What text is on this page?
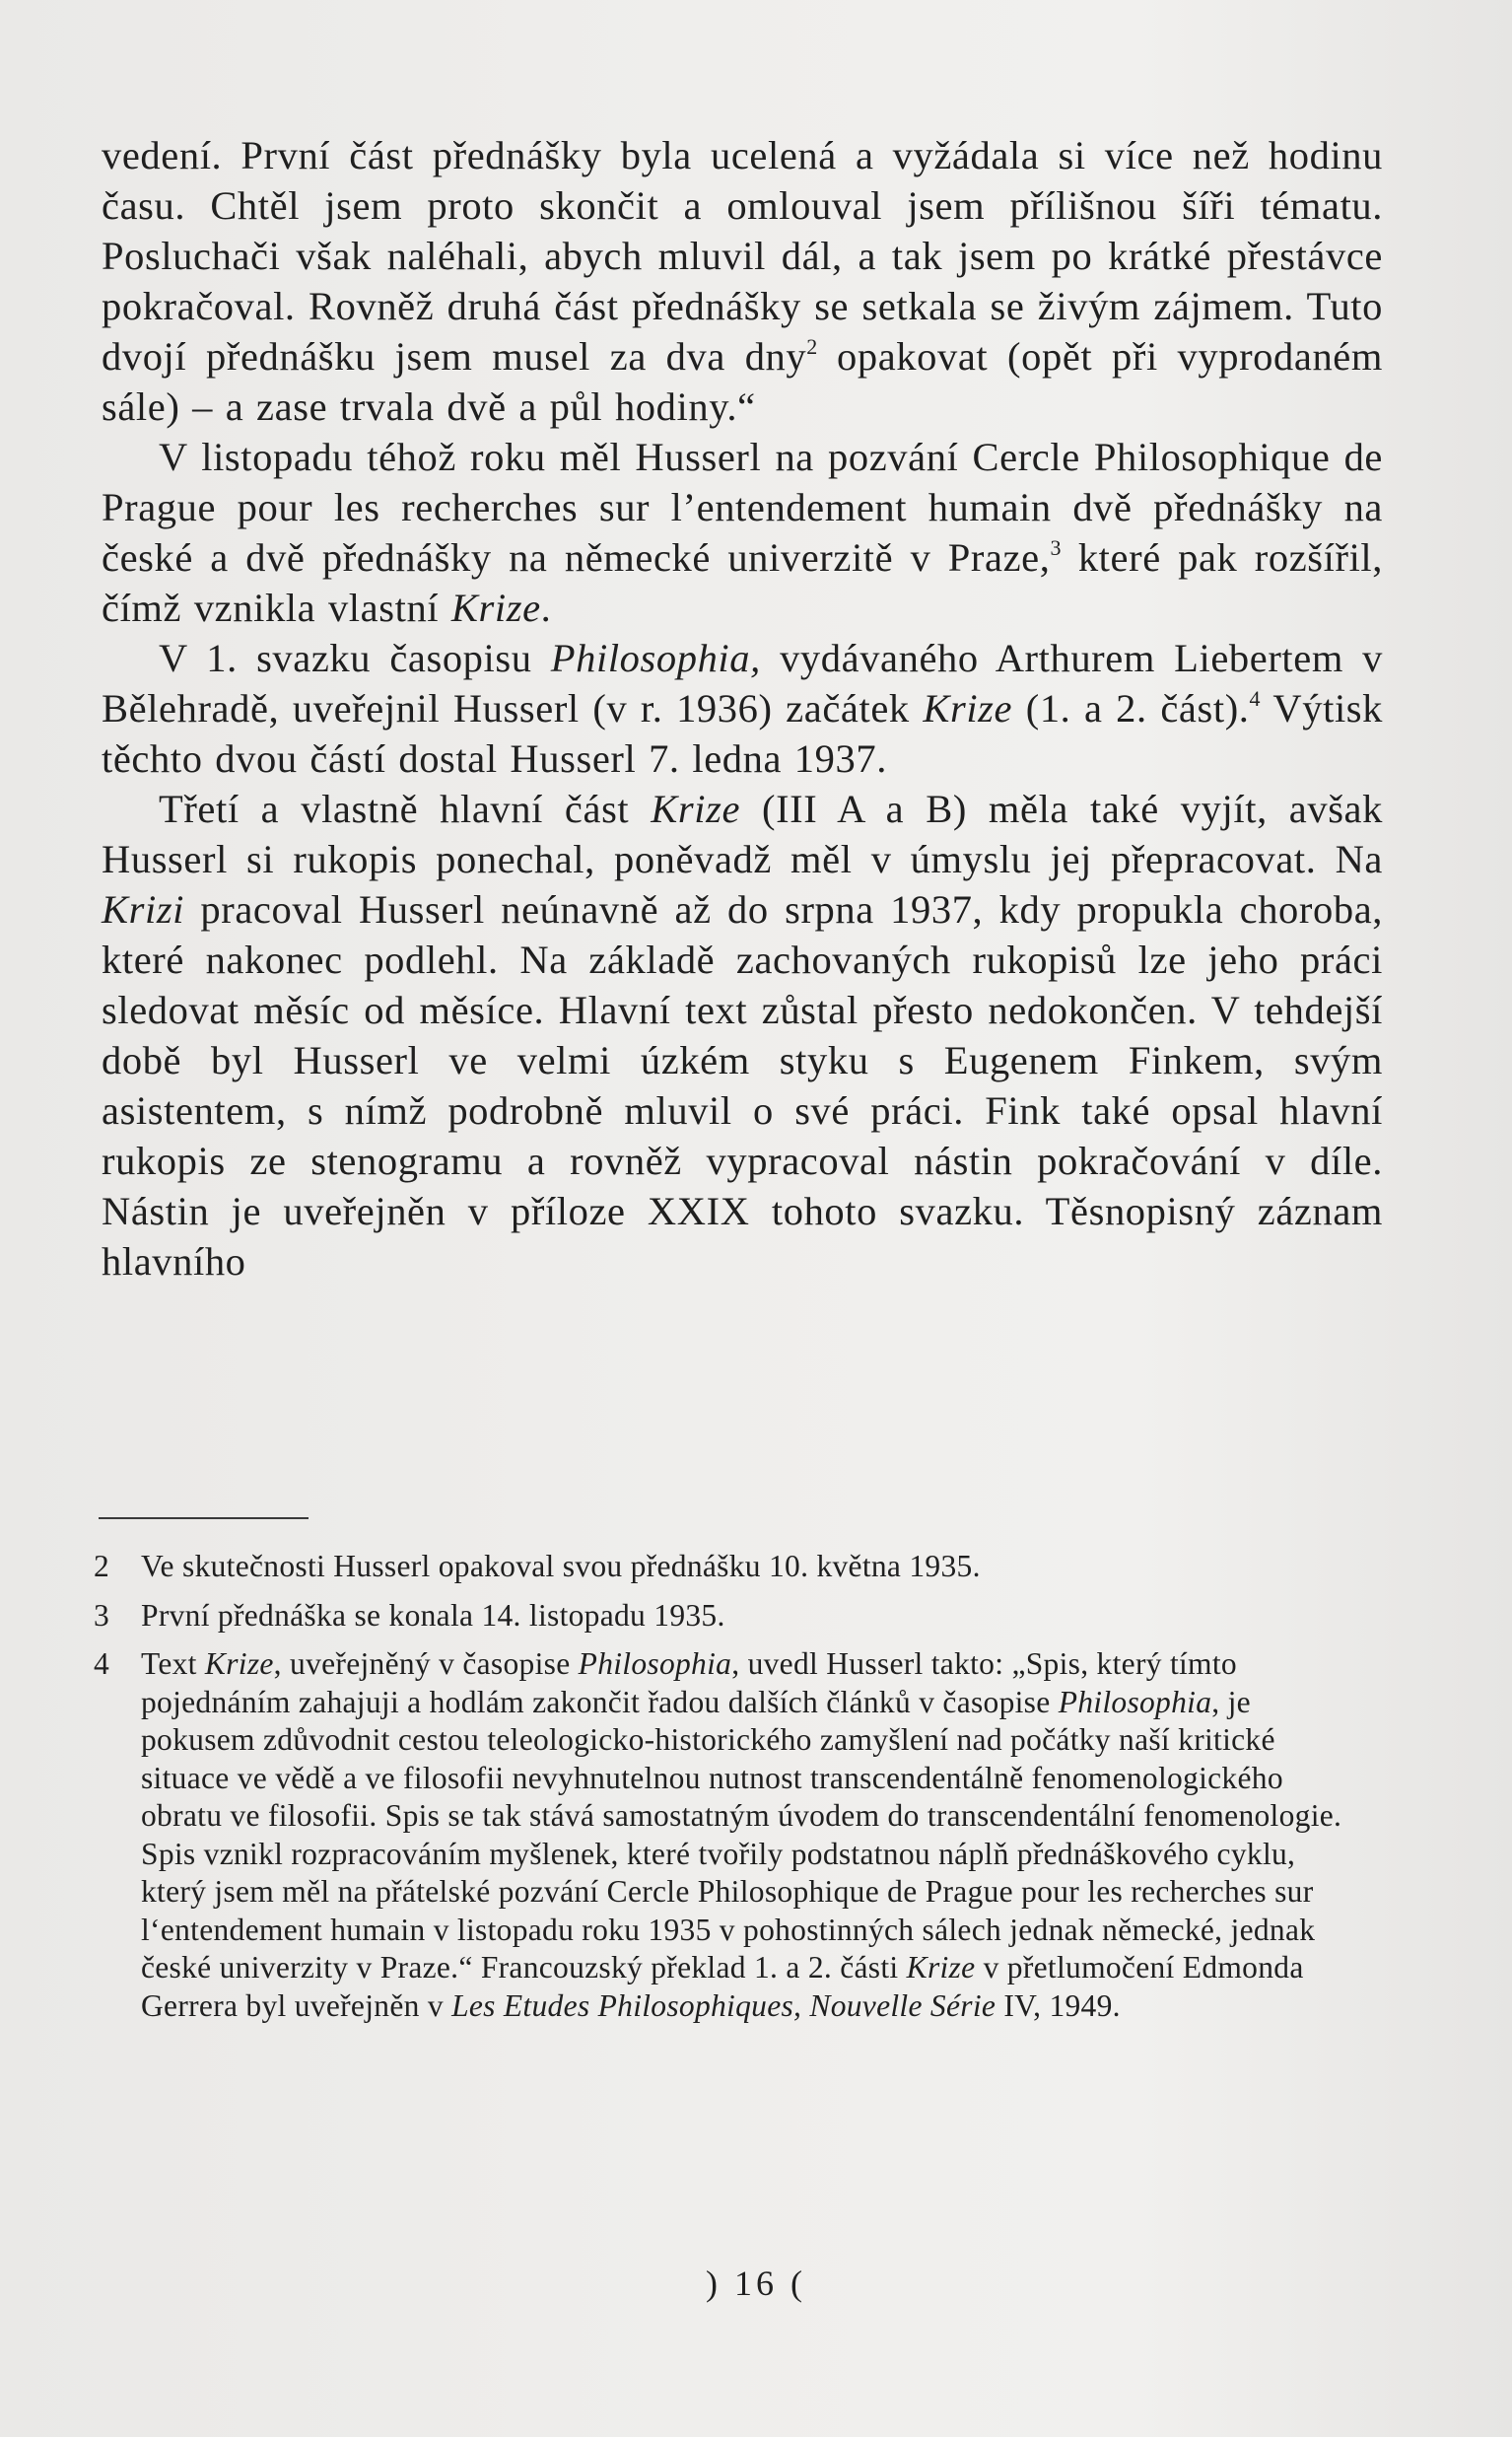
vedení. První část přednášky byla ucelená a vyžádala si více než hodinu času. Chtěl jsem proto skončit a omlouval jsem přílišnou šíři tématu. Posluchači však naléhali, abych mluvil dál, a tak jsem po krátké přestávce pokračoval. Rovněž druhá část přednášky se setkala se živým zájmem. Tuto dvojí přednášku jsem musel za dva dny$^2$ opakovat (opět při vyprodaném sále) – a zase trvala dvě a půl hodiny.“

V listopadu téhož roku měl Husserl na pozvání Cercle Philosophique de Prague pour les recherches sur l’entendement humain dvě přednášky na české a dvě přednášky na německé univerzitě v Praze,$^3$ které pak rozšířil, čímž vznikla vlastní Krize.

V 1. svazku časopisu Philosophia, vydávaného Arthurem Liebertem v Bělehradě, uveřejnil Husserl (v r. 1936) začátek Krize (1. a 2. část).$^4$ Výtisk těchto dvou částí dostal Husserl 7. ledna 1937.

Třetí a vlastně hlavní část Krize (III A a B) měla také vyjít, avšak Husserl si rukopis ponechal, poněvadž měl v úmyslu jej přepracovat. Na Krizi pracoval Husserl neúnavně až do srpna 1937, kdy propukla choroba, které nakonec podlehl. Na základě zachovaných rukopisů lze jeho práci sledovat měsíc od měsíce. Hlavní text zůstal přesto nedokončen. V tehdejší době byl Husserl ve velmi úzkém styku s Eugenem Finkem, svým asistentem, s nímž podrobně mluvil o své práci. Fink také opsal hlavní rukopis ze stenogramu a rovněž vypracoval nástin pokračování v díle. Nástin je uveřejněn v příloze XXIX tohoto svazku. Těsnopisný záznam hlavního

2 Ve skutečnosti Husserl opakoval svou přednášku 10. května 1935.
3 První přednáška se konala 14. listopadu 1935.
4 Text Krize, uveřejněný v časopise Philosophia, uvedl Husserl takto: „Spis, který tímto pojednáním zahajuji a hodlám zakončit řadou dalších článků v časopise Philosophia, je pokusem zdůvodnit cestou teleologicko-historického zamyšlení nad počátky naší kritické situace ve vědě a ve filosofii nevyhnutelnou nutnost transcendentálně fenomenologického obratu ve filosofii. Spis se tak stává samostatným úvodem do transcendentální fenomenologie. Spis vznikl rozpracováním myšlenek, které tvořily podstatnou náplň přednáškového cyklu, který jsem měl na přátelské pozvání Cercle Philosophique de Prague pour les recherches sur l‘entendement humain v listopadu roku 1935 v pohostinných sálech jednak německé, jednak české univerzity v Praze.“ Francouzský překlad 1. a 2. části Krize v přetlumočení Edmonda Gerrera byl uveřejněn v Les Etudes Philosophiques, Nouvelle Série IV, 1949.
) 16 (
